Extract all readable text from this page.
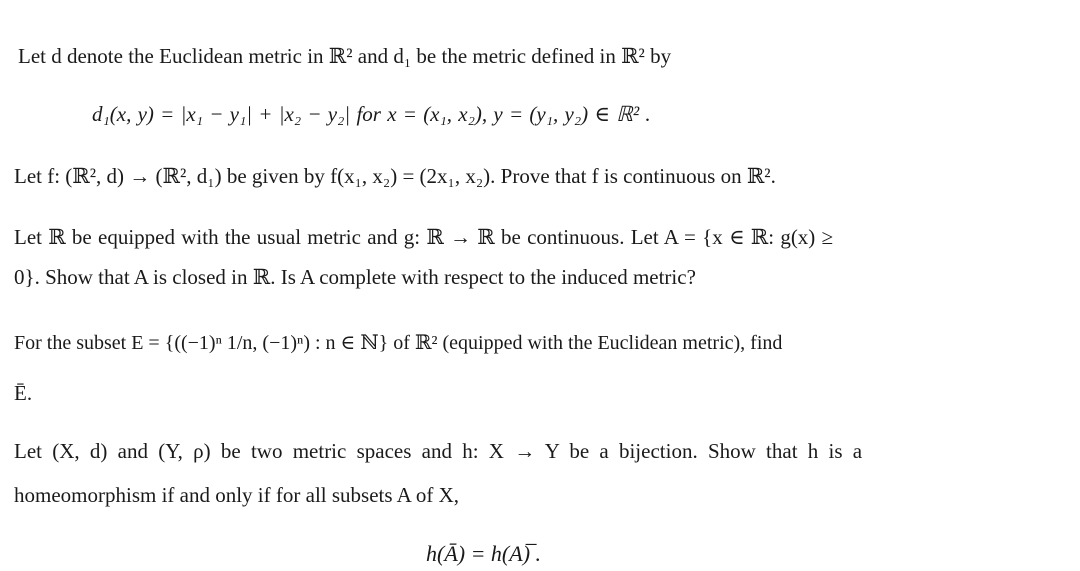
Let d denote the Euclidean metric in ℝ² and d₁ be the metric defined in ℝ² by
d₁(x, y) = |x₁ − y₁| + |x₂ − y₂| for x = (x₁, x₂), y = (y₁, y₂) ∈ ℝ² .
Let f: (ℝ², d) → (ℝ², d₁) be given by f(x₁, x₂) = (2x₁, x₂). Prove that f is continuous on ℝ².
Let ℝ be equipped with the usual metric and g: ℝ → ℝ be continuous. Let A = {x ∈ ℝ: g(x) ≥
0}. Show that A is closed in ℝ. Is A complete with respect to the induced metric?
For the subset E = {((−1)ⁿ 1/n, (−1)ⁿ) : n ∈ ℕ} of ℝ² (equipped with the Euclidean metric), find
Ē.
Let (X, d) and (Y, ρ) be two metric spaces and h: X → Y be a bijection. Show that h is a
homeomorphism if and only if for all subsets A of X,
h(Ā) = h(A)̅ .
